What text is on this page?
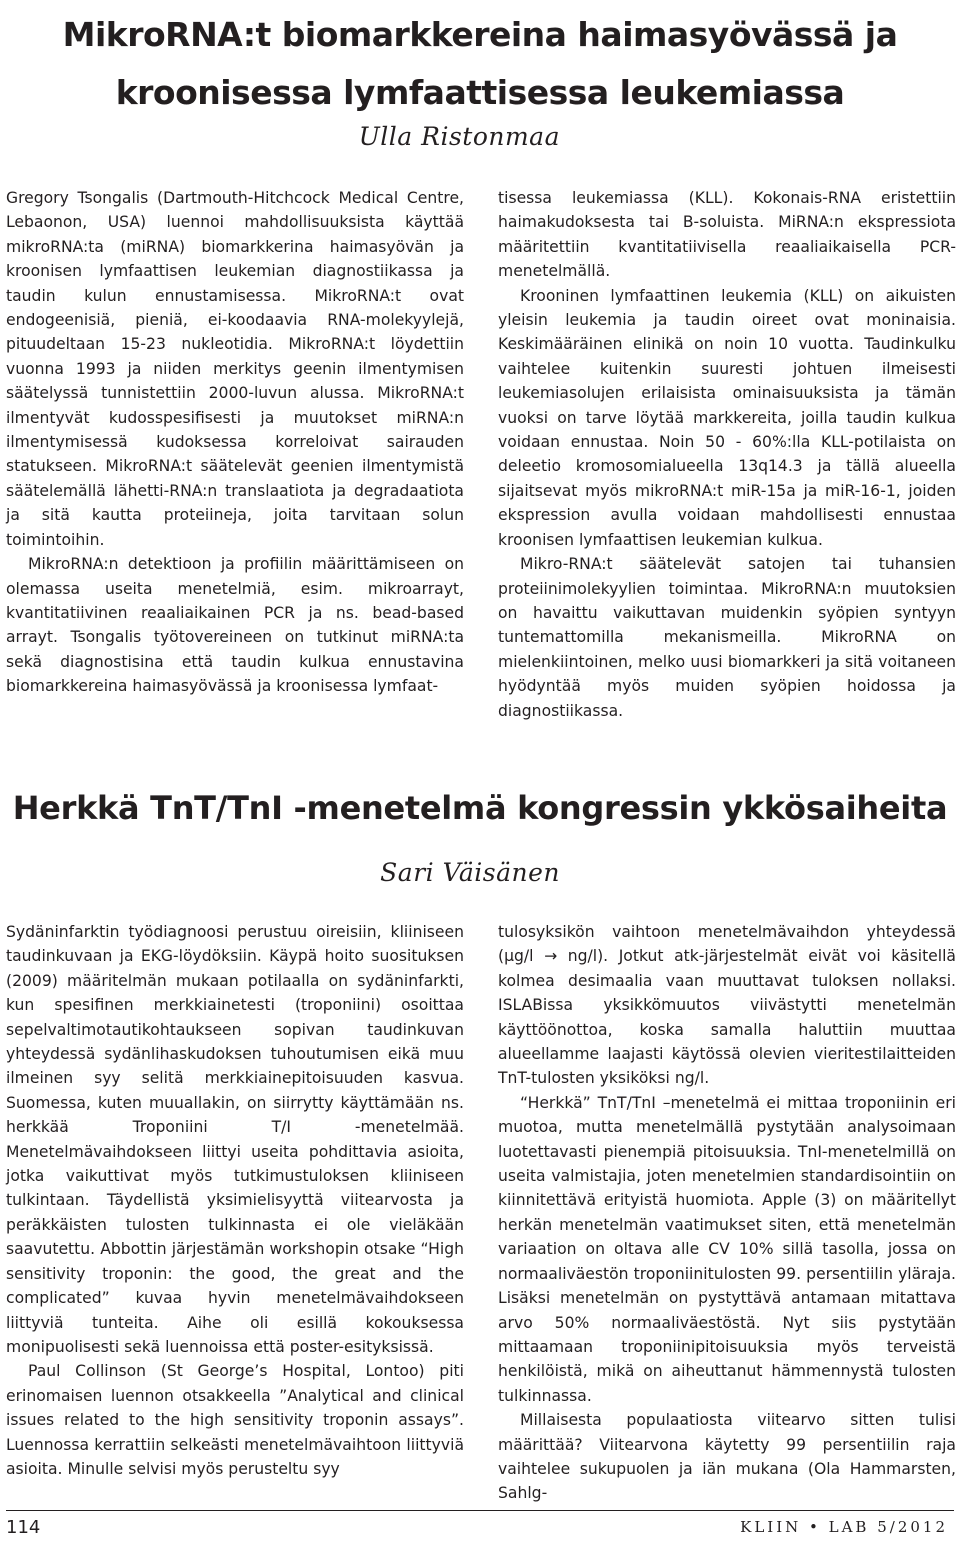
MikroRNA:t biomarkkereina haimasyövässä ja kroonisessa lymfaattisessa leukemiassa
Ulla Ristonmaa

Gregory Tsongalis (Dartmouth-Hitchcock Medical Centre, Lebaonon, USA) luennoi mahdollisuuksista käyttää mikroRNA:ta (miRNA) biomarkkerina haimasyövän ja kroonisen lymfaattisen leukemian diagnostiikassa ja taudin kulun ennustamisessa. MikroRNA:t ovat endogeenisiä, pieniä, ei-koodaavia RNA-molekyylejä, pituudeltaan 15-23 nukleotidia. MikroRNA:t löydettiin vuonna 1993 ja niiden merkitys geenin ilmentymisen säätelyssä tunnistettiin 2000-luvun alussa. MikroRNA:t ilmentyvät kudosspesifisesti ja muutokset miRNA:n ilmentymisessä kudoksessa korreloivat sairauden statukseen. MikroRNA:t säätelevät geenien ilmentymistä säätelemällä lähetti-RNA:n translaatiota ja degradaatiota ja sitä kautta proteiineja, joita tarvitaan solun toimintoihin.

MikroRNA:n detektioon ja profiilin määrittämiseen on olemassa useita menetelmiä, esim. mikroarrayt, kvantitatiivinen reaaliaikainen PCR ja ns. bead-based arrayt. Tsongalis työtovereineen on tutkinut miRNA:ta sekä diagnostisina että taudin kulkua ennustavina biomarkkereina haimasyövässä ja kroonisessa lymfaat-

tisessa leukemiassa (KLL). Kokonais-RNA eristettiin haimakudoksesta tai B-soluista. MiRNA:n ekspressiota määritettiin kvantitatiivisella reaaliaikaisella PCR-menetelmällä.

Krooninen lymfaattinen leukemia (KLL) on aikuisten yleisin leukemia ja taudin oireet ovat moninaisia. Keskimääräinen elinikä on noin 10 vuotta. Taudinkulku vaihtelee kuitenkin suuresti johtuen ilmeisesti leukemiasolujen erilaisista ominaisuuksista ja tämän vuoksi on tarve löytää markkereita, joilla taudin kulkua voidaan ennustaa. Noin 50 - 60%:lla KLL-potilaista on deleetio kromosomialueella 13q14.3 ja tällä alueella sijaitsevat myös mikroRNA:t miR-15a ja miR-16-1, joiden ekspression avulla voidaan mahdollisesti ennustaa kroonisen lymfaattisen leukemian kulkua.

Mikro-RNA:t säätelevät satojen tai tuhansien proteiinimolekyylien toimintaa. MikroRNA:n muutoksien on havaittu vaikuttavan muidenkin syöpien syntyyn tuntemattomilla mekanismeilla. MikroRNA on mielenkiintoinen, melko uusi biomarkkeri ja sitä voitaneen hyödyntää myös muiden syöpien hoidossa ja diagnostiikassa.

Herkkä TnT/TnI -menetelmä kongressin ykkösaiheita
Sari Väisänen

Sydäninfarktin työdiagnoosi perustuu oireisiin, kliiniseen taudinkuvaan ja EKG-löydöksiin. Käypä hoito suosituksen (2009) määritelmän mukaan potilaalla on sydäninfarkti, kun spesifinen merkkiainetesti (troponiini) osoittaa sepelvaltimotautikohtaukseen sopivan taudinkuvan yhteydessä sydänlihaskudoksen tuhoutumisen eikä muu ilmeinen syy selitä merkkiainepitoisuuden kasvua. Suomessa, kuten muuallakin, on siirrytty käyttämään ns. herkkää Troponiini T/I -menetelmää. Menetelmävaihdokseen liittyi useita pohdittavia asioita, jotka vaikuttivat myös tutkimustuloksen kliiniseen tulkintaan. Täydellistä yksimielisyyttä viitearvosta ja peräkkäisten tulosten tulkinnasta ei ole vieläkään saavutettu. Abbottin järjestämän workshopin otsake “High sensitivity troponin: the good, the great and the complicated” kuvaa hyvin menetelmävaihdokseen liittyviä tunteita. Aihe oli esillä kokouksessa monipuolisesti sekä luennoissa että poster-esityksissä.

Paul Collinson (St George’s Hospital, Lontoo) piti erinomaisen luennon otsakkeella ”Analytical and clinical issues related to the high sensitivity troponin assays”. Luennossa kerrattiin selkeästi menetelmävaihtoon liittyviä asioita. Minulle selvisi myös perusteltu syy

tulosyksikön vaihtoon menetelmävaihdon yhteydessä (µg/l → ng/l). Jotkut atk-järjestelmät eivät voi käsitellä kolmea desimaalia vaan muuttavat tuloksen nollaksi. ISLABissa yksikkömuutos viivästytti menetelmän käyttöönottoa, koska samalla haluttiin muuttaa alueellamme laajasti käytössä olevien vieritestilaitteiden TnT-tulosten yksiköksi ng/l.

“Herkkä” TnT/TnI –menetelmä ei mittaa troponiinin eri muotoa, mutta menetelmällä pystytään analysoimaan luotettavasti pienempiä pitoisuuksia. TnI-menetelmillä on useita valmistajia, joten menetelmien standardisointiin on kiinnitettävä erityistä huomiota. Apple (3) on määritellyt herkän menetelmän vaatimukset siten, että menetelmän variaation on oltava alle CV 10% sillä tasolla, jossa on normaaliväestön troponiinitulosten 99. persentiilin yläraja. Lisäksi menetelmän on pystyttävä antamaan mitattava arvo 50% normaaliväestöstä. Nyt siis pystytään mittaamaan troponiinipitoisuuksia myös terveistä henkilöistä, mikä on aiheuttanut hämmennystä tulosten tulkinnassa.

Millaisesta populaatiosta viitearvo sitten tulisi määrittää? Viitearvona käytetty 99 persentiilin raja vaihtelee sukupuolen ja iän mukana (Ola Hammarsten, Sahlg-

114	KLIIN • LAB 5/2012
